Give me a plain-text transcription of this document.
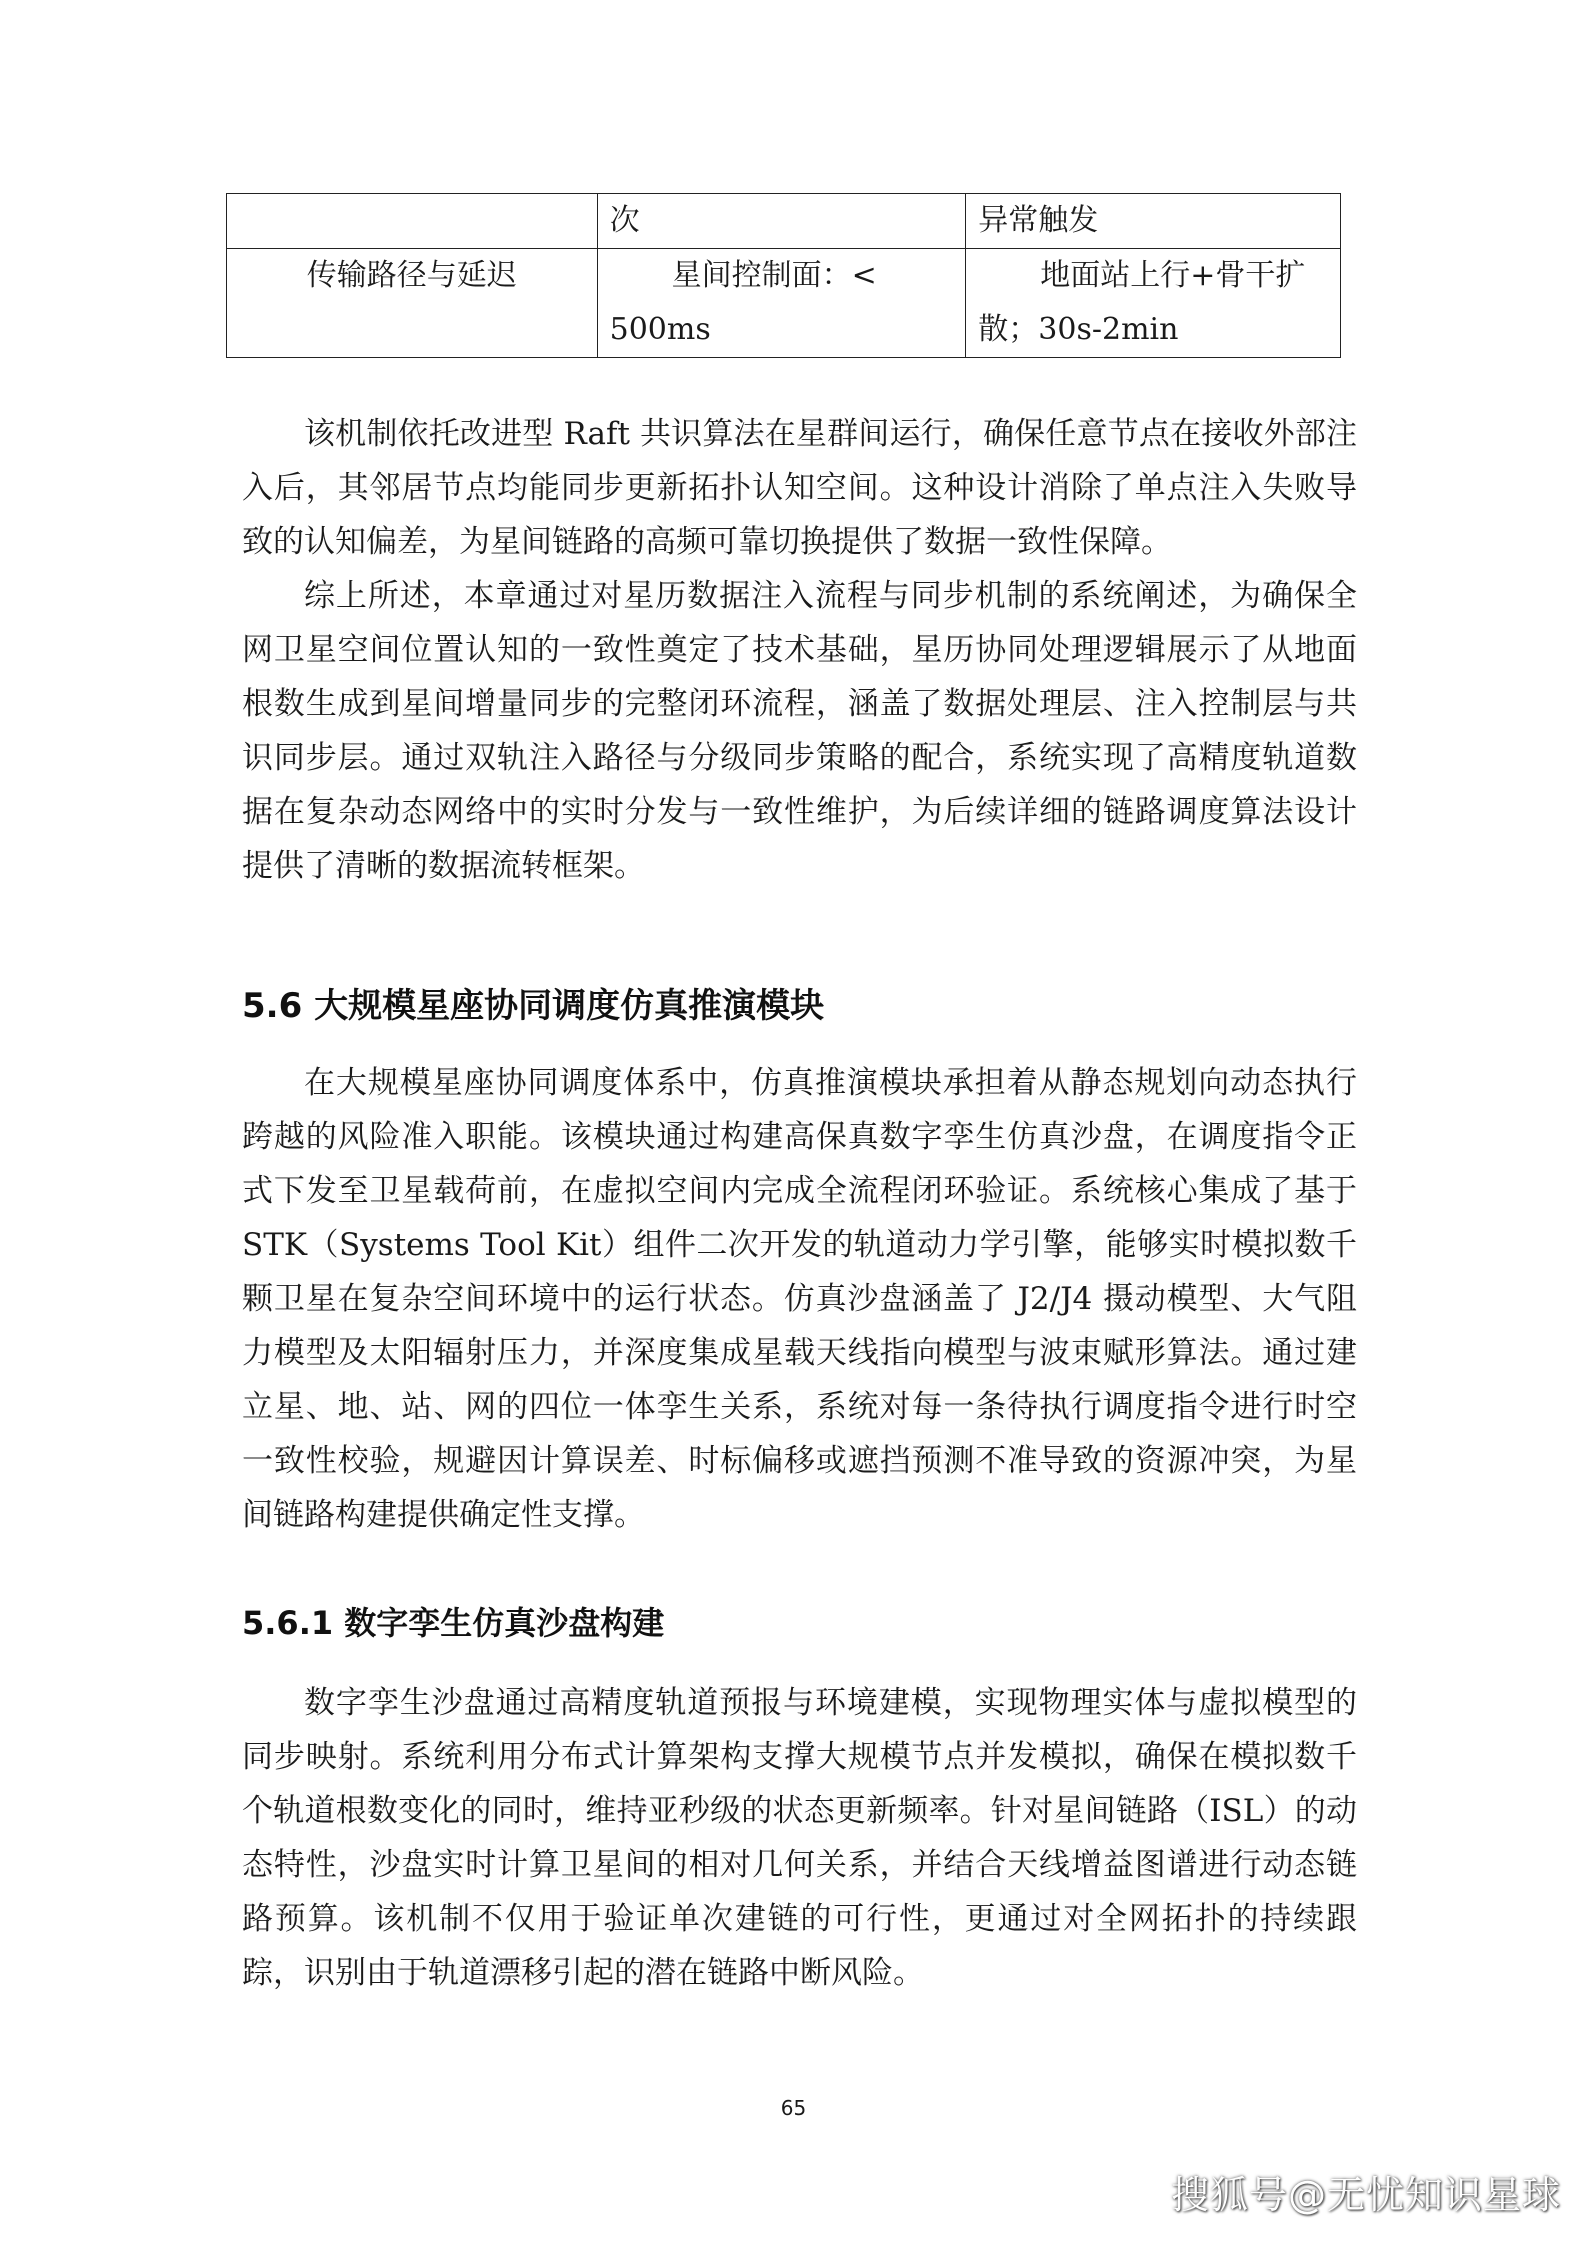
	次	异常触发
传输路径与延迟	星间控制面：< 500ms	地面站上行+骨干扩散；30s-2min

该机制依托改进型 Raft 共识算法在星群间运行，确保任意节点在接收外部注入后，其邻居节点均能同步更新拓扑认知空间。这种设计消除了单点注入失败导致的认知偏差，为星间链路的高频可靠切换提供了数据一致性保障。

综上所述，本章通过对星历数据注入流程与同步机制的系统阐述，为确保全网卫星空间位置认知的一致性奠定了技术基础，星历协同处理逻辑展示了从地面根数生成到星间增量同步的完整闭环流程，涵盖了数据处理层、注入控制层与共识同步层。通过双轨注入路径与分级同步策略的配合，系统实现了高精度轨道数据在复杂动态网络中的实时分发与一致性维护，为后续详细的链路调度算法设计提供了清晰的数据流转框架。

5.6 大规模星座协同调度仿真推演模块

在大规模星座协同调度体系中，仿真推演模块承担着从静态规划向动态执行跨越的风险准入职能。该模块通过构建高保真数字孪生仿真沙盘，在调度指令正式下发至卫星载荷前，在虚拟空间内完成全流程闭环验证。系统核心集成了基于 STK（Systems Tool Kit）组件二次开发的轨道动力学引擎，能够实时模拟数千颗卫星在复杂空间环境中的运行状态。仿真沙盘涵盖了 J2/J4 摄动模型、大气阻力模型及太阳辐射压力，并深度集成星载天线指向模型与波束赋形算法。通过建立星、地、站、网的四位一体孪生关系，系统对每一条待执行调度指令进行时空一致性校验，规避因计算误差、时标偏移或遮挡预测不准导致的资源冲突，为星间链路构建提供确定性支撑。

5.6.1 数字孪生仿真沙盘构建

数字孪生沙盘通过高精度轨道预报与环境建模，实现物理实体与虚拟模型的同步映射。系统利用分布式计算架构支撑大规模节点并发模拟，确保在模拟数千个轨道根数变化的同时，维持亚秒级的状态更新频率。针对星间链路（ISL）的动态特性，沙盘实时计算卫星间的相对几何关系，并结合天线增益图谱进行动态链路预算。该机制不仅用于验证单次建链的可行性，更通过对全网拓扑的持续跟踪，识别由于轨道漂移引起的潜在链路中断风险。

65
搜狐号@无忧知识星球
